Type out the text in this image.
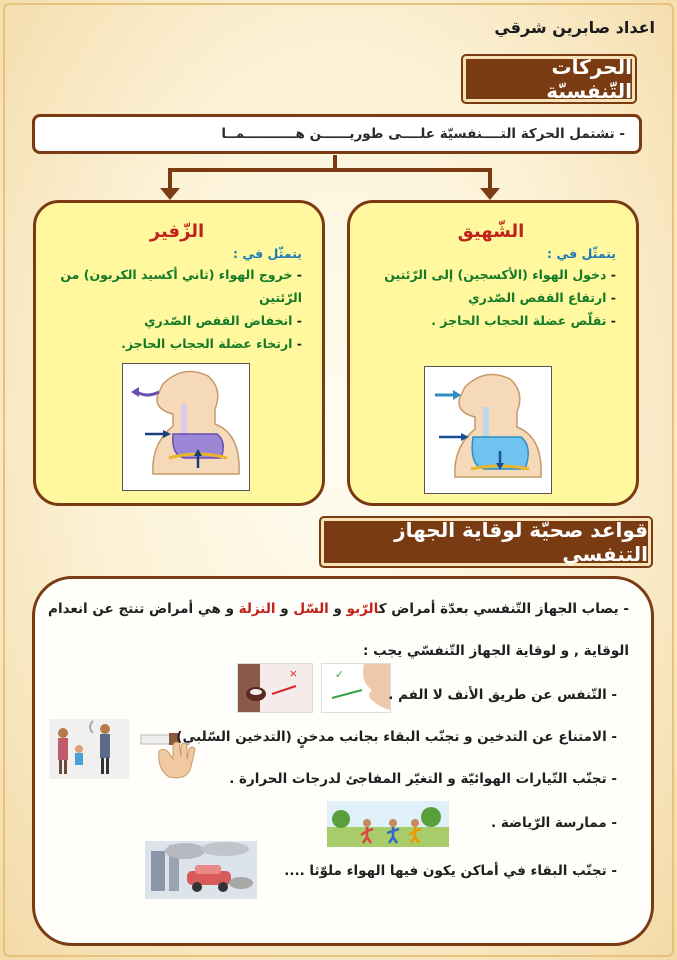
اعداد صابرين شرقي
الحركات التّنفسيّة
- تشتمل الحركة التــــنفسيّة علــــى طوريــــــن هـــــــــــمــا
الشّهيق
يتمثّل في :
- دخول الهواء (الأكسجين) إلى الرّئتين
- ارتفاع القفص الصّدري
- تقلّص عضلة الحجاب الحاجز .
الزّفير
يتمثّل في :
- خروج الهواء (ثاني أكسيد الكربون) من الرّئتين
- انخفاض القفص الصّدري
- ارتخاء عضلة الحجاب الحاجز.
قواعد صحيّة لوقاية الجهاز التنفسي
- يصاب الجهاز التّنفسي بعدّة أمراض كالرّبو و السّل و النزلة و هي أمراض تنتج عن انعدام
الوقاية , و لوقاية الجهاز التّنفسّي يجب :
×	✓
- التّنفس عن طريق الأنف لا الفم .
- الامتناع عن التدخين و تجنّب البقاء بجانب مدخنٍ (التدخين السّلبي)
- تجنّب التّيارات الهوائيّة و التغيّر المفاجئ لدرجات الحرارة .
- ممارسة الرّياضة .
- تجنّب البقاء في أماكن يكون فيها الهواء ملوّثا ....
